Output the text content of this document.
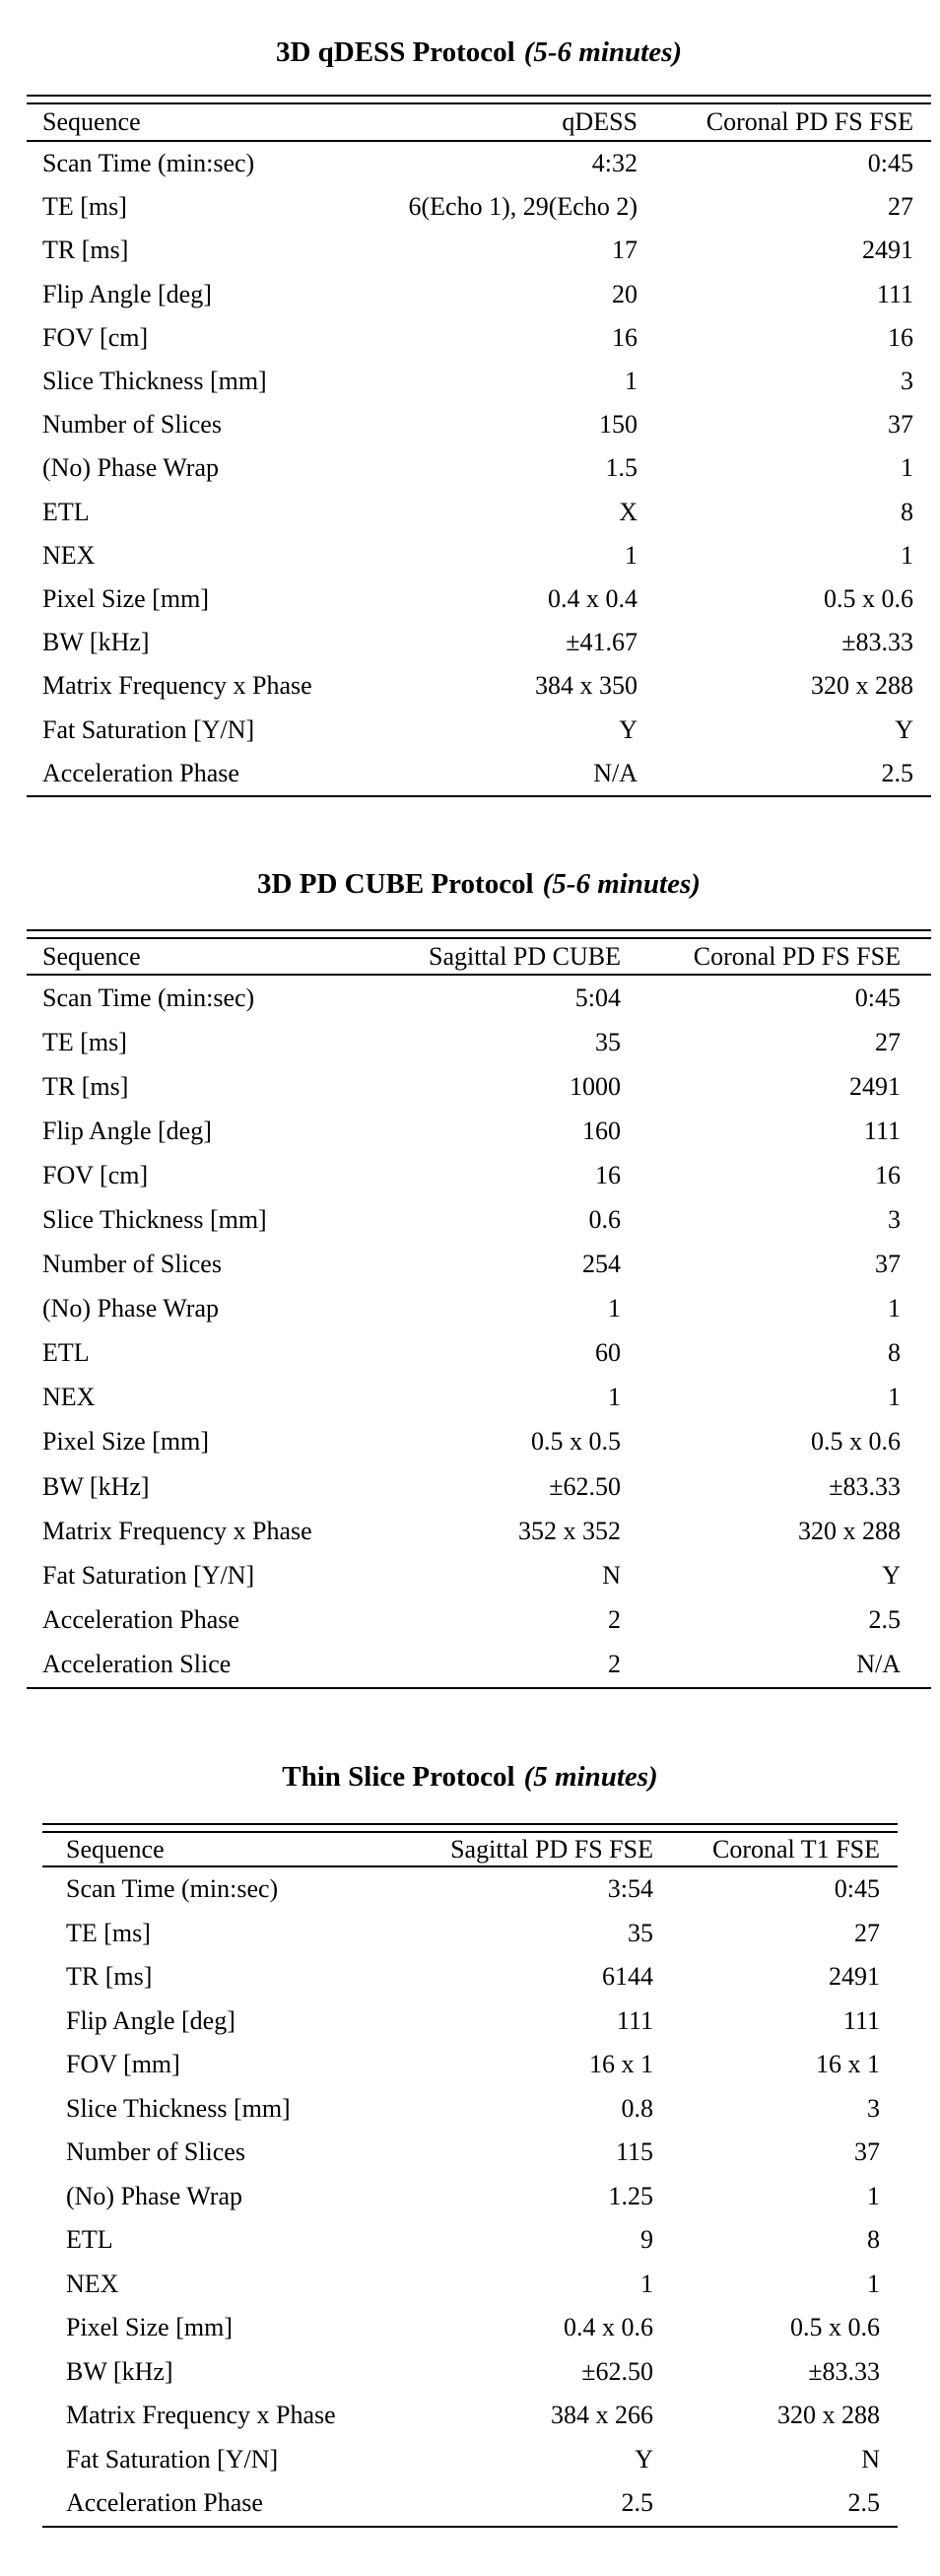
3D qDESS Protocol (5-6 minutes)
Sequence	qDESS	Coronal PD FS FSE
Scan Time (min:sec)	4:32	0:45
TE [ms]	6(Echo 1), 29(Echo 2)	27
TR [ms]	17	2491
Flip Angle [deg]	20	111
FOV [cm]	16	16
Slice Thickness [mm]	1	3
Number of Slices	150	37
(No) Phase Wrap	1.5	1
ETL	X	8
NEX	1	1
Pixel Size [mm]	0.4 x 0.4	0.5 x 0.6
BW [kHz]	±41.67	±83.33
Matrix Frequency x Phase	384 x 350	320 x 288
Fat Saturation [Y/N]	Y	Y
Acceleration Phase	N/A	2.5
3D PD CUBE Protocol (5-6 minutes)
Sequence	Sagittal PD CUBE	Coronal PD FS FSE
Scan Time (min:sec)	5:04	0:45
TE [ms]	35	27
TR [ms]	1000	2491
Flip Angle [deg]	160	111
FOV [cm]	16	16
Slice Thickness [mm]	0.6	3
Number of Slices	254	37
(No) Phase Wrap	1	1
ETL	60	8
NEX	1	1
Pixel Size [mm]	0.5 x 0.5	0.5 x 0.6
BW [kHz]	±62.50	±83.33
Matrix Frequency x Phase	352 x 352	320 x 288
Fat Saturation [Y/N]	N	Y
Acceleration Phase	2	2.5
Acceleration Slice	2	N/A
Thin Slice Protocol (5 minutes)
Sequence	Sagittal PD FS FSE	Coronal T1 FSE
Scan Time (min:sec)	3:54	0:45
TE [ms]	35	27
TR [ms]	6144	2491
Flip Angle [deg]	111	111
FOV [mm]	16 x 1	16 x 1
Slice Thickness [mm]	0.8	3
Number of Slices	115	37
(No) Phase Wrap	1.25	1
ETL	9	8
NEX	1	1
Pixel Size [mm]	0.4 x 0.6	0.5 x 0.6
BW [kHz]	±62.50	±83.33
Matrix Frequency x Phase	384 x 266	320 x 288
Fat Saturation [Y/N]	Y	N
Acceleration Phase	2.5	2.5
